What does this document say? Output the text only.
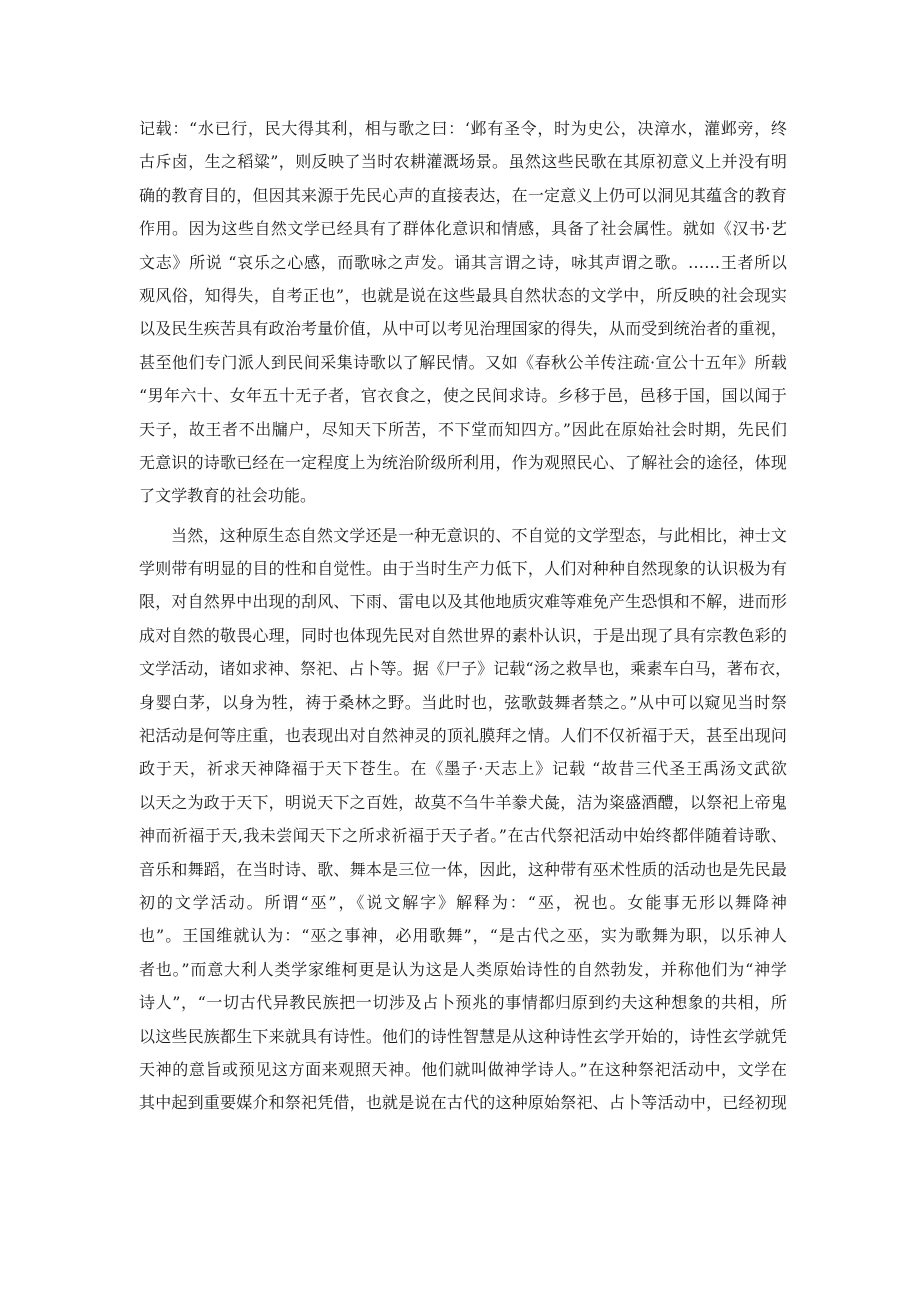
记载：“水已行，民大得其利，相与歌之曰：‘邺有圣令，时为史公，决漳水，灌邺旁，终
古斥卤，生之稻粱”，则反映了当时农耕灌溉场景。虽然这些民歌在其原初意义上并没有明
确的教育目的，但因其来源于先民心声的直接表达，在一定意义上仍可以洞见其蕴含的教育
作用。因为这些自然文学已经具有了群体化意识和情感，具备了社会属性。就如《汉书·艺
文志》所说 “哀乐之心感，而歌咏之声发。诵其言谓之诗，咏其声谓之歌。……王者所以
观风俗，知得失，自考正也”，也就是说在这些最具自然状态的文学中，所反映的社会现实
以及民生疾苦具有政治考量价值，从中可以考见治理国家的得失，从而受到统治者的重视，
甚至他们专门派人到民间采集诗歌以了解民情。又如《春秋公羊传注疏·宣公十五年》所载
“男年六十、女年五十无子者，官衣食之，使之民间求诗。乡移于邑，邑移于国，国以闻于
天子，故王者不出牖户，尽知天下所苦，不下堂而知四方。”因此在原始社会时期，先民们
无意识的诗歌已经在一定程度上为统治阶级所利用，作为观照民心、了解社会的途径，体现
了文学教育的社会功能。
当然，这种原生态自然文学还是一种无意识的、不自觉的文学型态，与此相比，神士文
学则带有明显的目的性和自觉性。由于当时生产力低下，人们对种种自然现象的认识极为有
限，对自然界中出现的刮风、下雨、雷电以及其他地质灾难等难免产生恐惧和不解，进而形
成对自然的敬畏心理，同时也体现先民对自然世界的素朴认识，于是出现了具有宗教色彩的
文学活动，诸如求神、祭祀、占卜等。据《尸子》记载“汤之救旱也，乘素车白马，著布衣，
身婴白茅，以身为牲，祷于桑林之野。当此时也，弦歌鼓舞者禁之。”从中可以窥见当时祭
祀活动是何等庄重，也表现出对自然神灵的顶礼膜拜之情。人们不仅祈福于天，甚至出现问
政于天，祈求天神降福于天下苍生。在《墨子·天志上》记载 “故昔三代圣王禹汤文武欲
以天之为政于天下，明说天下之百姓，故莫不刍牛羊豢犬彘，洁为粢盛酒醴，以祭祀上帝鬼
神而祈福于天,我未尝闻天下之所求祈福于天子者。”在古代祭祀活动中始终都伴随着诗歌、
音乐和舞蹈，在当时诗、歌、舞本是三位一体，因此，这种带有巫术性质的活动也是先民最
初的文学活动。所谓“巫”，《说文解字》解释为：“巫，祝也。女能事无形以舞降神
也”。王国维就认为：“巫之事神，必用歌舞”，“是古代之巫，实为歌舞为职，以乐神人
者也。”而意大利人类学家维柯更是认为这是人类原始诗性的自然勃发，并称他们为“神学
诗人”，“一切古代异教民族把一切涉及占卜预兆的事情都归原到约夫这种想象的共相，所
以这些民族都生下来就具有诗性。他们的诗性智慧是从这种诗性玄学开始的，诗性玄学就凭
天神的意旨或预见这方面来观照天神。他们就叫做神学诗人。”在这种祭祀活动中，文学在
其中起到重要媒介和祭祀凭借，也就是说在古代的这种原始祭祀、占卜等活动中，已经初现
